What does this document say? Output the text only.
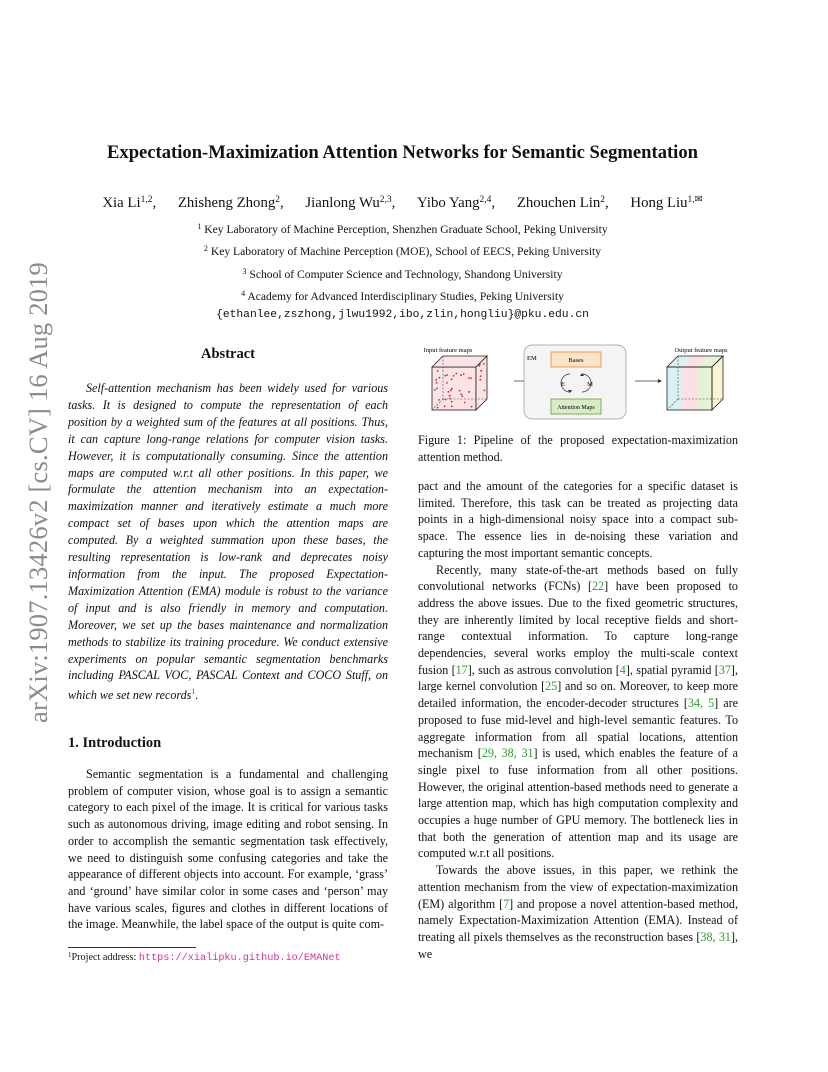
arXiv:1907.13426v2 [cs.CV] 16 Aug 2019
Expectation-Maximization Attention Networks for Semantic Segmentation
Xia Li$^{1,2}$, Zhisheng Zhong$^2$, Jianlong Wu$^{2,3}$, Yibo Yang$^{2,4}$, Zhouchen Lin$^2$, Hong Liu$^{1,✉}$
$^1$ Key Laboratory of Machine Perception, Shenzhen Graduate School, Peking University
$^2$ Key Laboratory of Machine Perception (MOE), School of EECS, Peking University
$^3$ School of Computer Science and Technology, Shandong University
$^4$ Academy for Advanced Interdisciplinary Studies, Peking University
{ethanlee,zszhong,jlwu1992,ibo,zlin,hongliu}@pku.edu.cn
Abstract

Self-attention mechanism has been widely used for various tasks. It is designed to compute the representation of each position by a weighted sum of the features at all positions. Thus, it can capture long-range relations for computer vision tasks. However, it is computationally consuming. Since the attention maps are computed w.r.t all other positions. In this paper, we formulate the attention mechanism into an expectation-maximization manner and iteratively estimate a much more compact set of bases upon which the attention maps are computed. By a weighted summation upon these bases, the resulting representation is low-rank and deprecates noisy information from the input. The proposed Expectation-Maximization Attention (EMA) module is robust to the variance of input and is also friendly in memory and computation. Moreover, we set up the bases maintenance and normalization methods to stabilize its training procedure. We conduct extensive experiments on popular semantic segmentation benchmarks including PASCAL VOC, PASCAL Context and COCO Stuff, on which we set new records$^1$.

1. Introduction

Semantic segmentation is a fundamental and challenging problem of computer vision, whose goal is to assign a semantic category to each pixel of the image. It is critical for various tasks such as autonomous driving, image editing and robot sensing. In order to accomplish the semantic segmentation task effectively, we need to distinguish some confusing categories and take the appearance of different objects into account. For example, ‘grass’ and ‘ground’ have similar color in some cases and ‘person’ may have various scales, figures and clothes in different locations of the image. Meanwhile, the label space of the output is quite com-

$^1$Project address: https://xialipku.github.io/EMANet
Input feature maps	Output feature maps
EM	Bases
E	M
Attention Maps

Figure 1: Pipeline of the proposed expectation-maximization attention method.

pact and the amount of the categories for a specific dataset is limited. Therefore, this task can be treated as projecting data points in a high-dimensional noisy space into a compact sub-space. The essence lies in de-noising these variation and capturing the most important semantic concepts.

Recently, many state-of-the-art methods based on fully convolutional networks (FCNs) [22] have been proposed to address the above issues. Due to the fixed geometric structures, they are inherently limited by local receptive fields and short-range contextual information. To capture long-range dependencies, several works employ the multi-scale context fusion [17], such as astrous convolution [4], spatial pyramid [37], large kernel convolution [25] and so on. Moreover, to keep more detailed information, the encoder-decoder structures [34, 5] are proposed to fuse mid-level and high-level semantic features. To aggregate information from all spatial locations, attention mechanism [29, 38, 31] is used, which enables the feature of a single pixel to fuse information from all other positions. However, the original attention-based methods need to generate a large attention map, which has high computation complexity and occupies a huge number of GPU memory. The bottleneck lies in that both the generation of attention map and its usage are computed w.r.t all positions.

Towards the above issues, in this paper, we rethink the attention mechanism from the view of expectation-maximization (EM) algorithm [7] and propose a novel attention-based method, namely Expectation-Maximization Attention (EMA). Instead of treating all pixels themselves as the reconstruction bases [38, 31], we
